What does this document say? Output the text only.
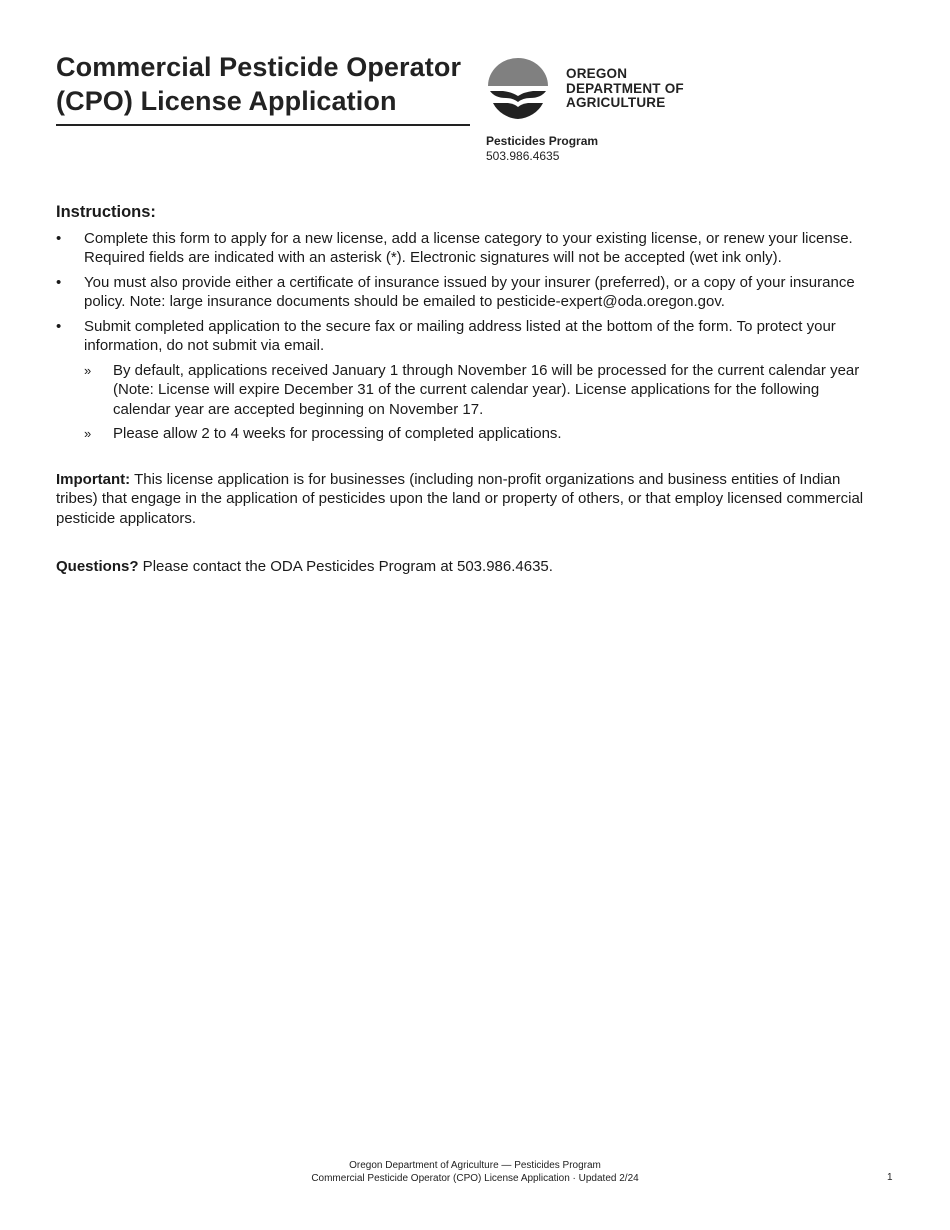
Commercial Pesticide Operator
(CPO) License Application
OREGON
DEPARTMENT OF
AGRICULTURE
Pesticides Program
503.986.4635
Instructions:
• Complete this form to apply for a new license, add a license category to your existing license, or renew your license. Required fields are indicated with an asterisk (*). Electronic signatures will not be accepted (wet ink only).
• You must also provide either a certificate of insurance issued by your insurer (preferred), or a copy of your insurance policy. Note: large insurance documents should be emailed to pesticide-expert@oda.oregon.gov.
• Submit completed application to the secure fax or mailing address listed at the bottom of the form. To protect your information, do not submit via email.
» By default, applications received January 1 through November 16 will be processed for the current calendar year (Note: License will expire December 31 of the current calendar year). License applications for the following calendar year are accepted beginning on November 17.
» Please allow 2 to 4 weeks for processing of completed applications.

Important: This license application is for businesses (including non-profit organizations and business entities of Indian tribes) that engage in the application of pesticides upon the land or property of others, or that employ licensed commercial pesticide applicators.

Questions? Please contact the ODA Pesticides Program at 503.986.4635.

Oregon Department of Agriculture — Pesticides Program
Commercial Pesticide Operator (CPO) License Application · Updated 2/24	1
